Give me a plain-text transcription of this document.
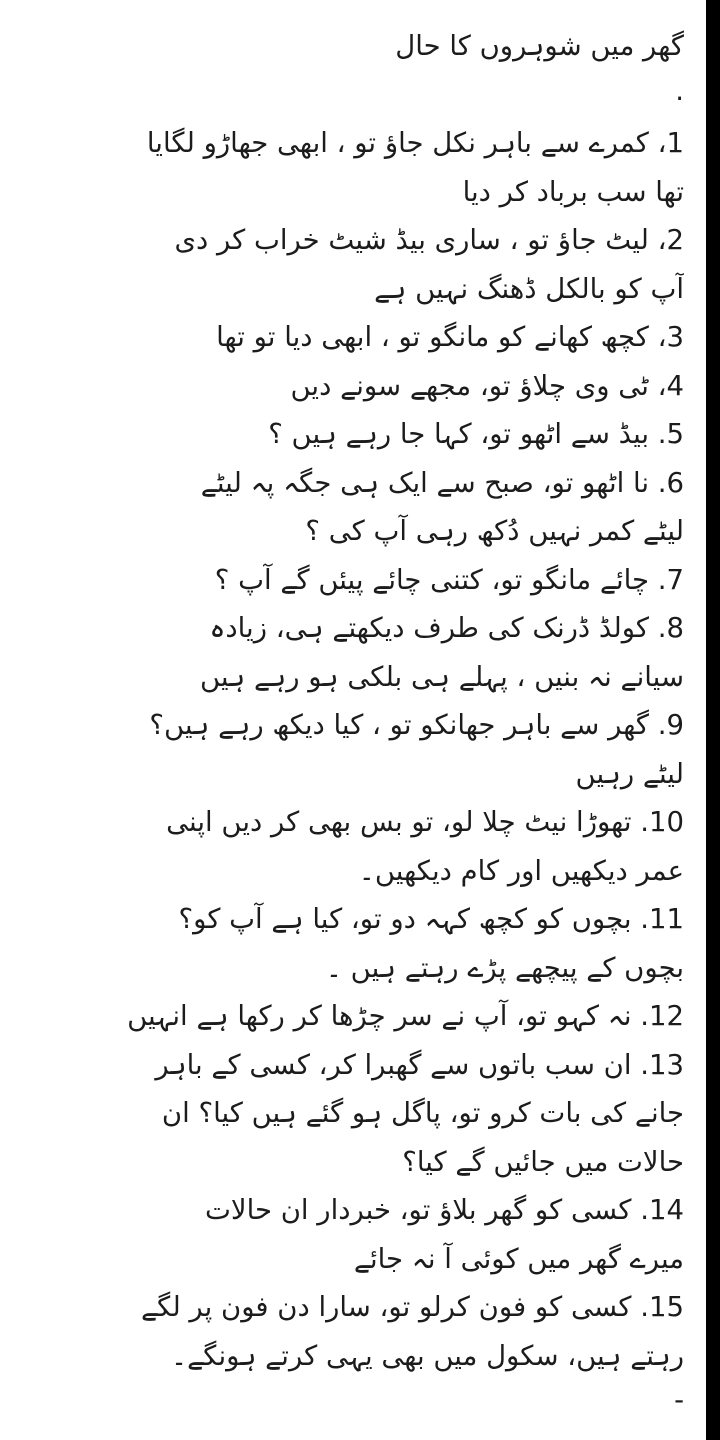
گھر میں شوہروں کا حال
.
1، کمرے سے باہر نکل جاؤ تو ، ابھی جھاڑو لگایا
تھا سب برباد کر دیا
2، لیٹ جاؤ تو ، ساری بیڈ شیٹ خراب کر دی
آپ کو بالکل ڈھنگ نہیں ہے
3، کچھ کھانے کو مانگو تو ، ابھی دیا تو تھا
4، ٹی وی چلاؤ تو، مجھے سونے دیں
5. بیڈ سے اٹھو تو، کہا جا رہے ہیں ؟
6. نا اٹھو تو، صبح سے ایک ہی جگہ پہ لیٹے
لیٹے کمر نہیں دُکھ رہی آپ کی ؟
7. چائے مانگو تو، کتنی چائے پیئں گے آپ ؟
8. کولڈ ڈرنک کی طرف دیکھتے ہی، زیادہ
سیانے نہ بنیں ، پہلے ہی بلکی ہو رہے ہیں
9. گھر سے باہر جھانکو تو ، کیا دیکھ رہے ہیں؟
لیٹے رہیں
10. تھوڑا نیٹ چلا لو، تو بس بھی کر دیں اپنی
عمر دیکھیں اور کام دیکھیں۔
11. بچوں کو کچھ کہہ دو تو، کیا ہے آپ کو؟
بچوں کے پیچھے پڑے رہتے ہیں ۔
12. نہ کہو تو، آپ نے سر چڑھا کر رکھا ہے انہیں
13. ان سب باتوں سے گھبرا کر، کسی کے باہر
جانے کی بات کرو تو، پاگل ہو گئے ہیں کیا؟ ان
حالات میں جائیں گے کیا؟
14. کسی کو گھر بلاؤ تو، خبردار ان حالات
میرے گھر میں کوئی آ نہ جائے
15. کسی کو فون کرلو تو، سارا دن فون پر لگے
رہتے ہیں، سکول میں بھی یہی کرتے ہونگے۔
-
